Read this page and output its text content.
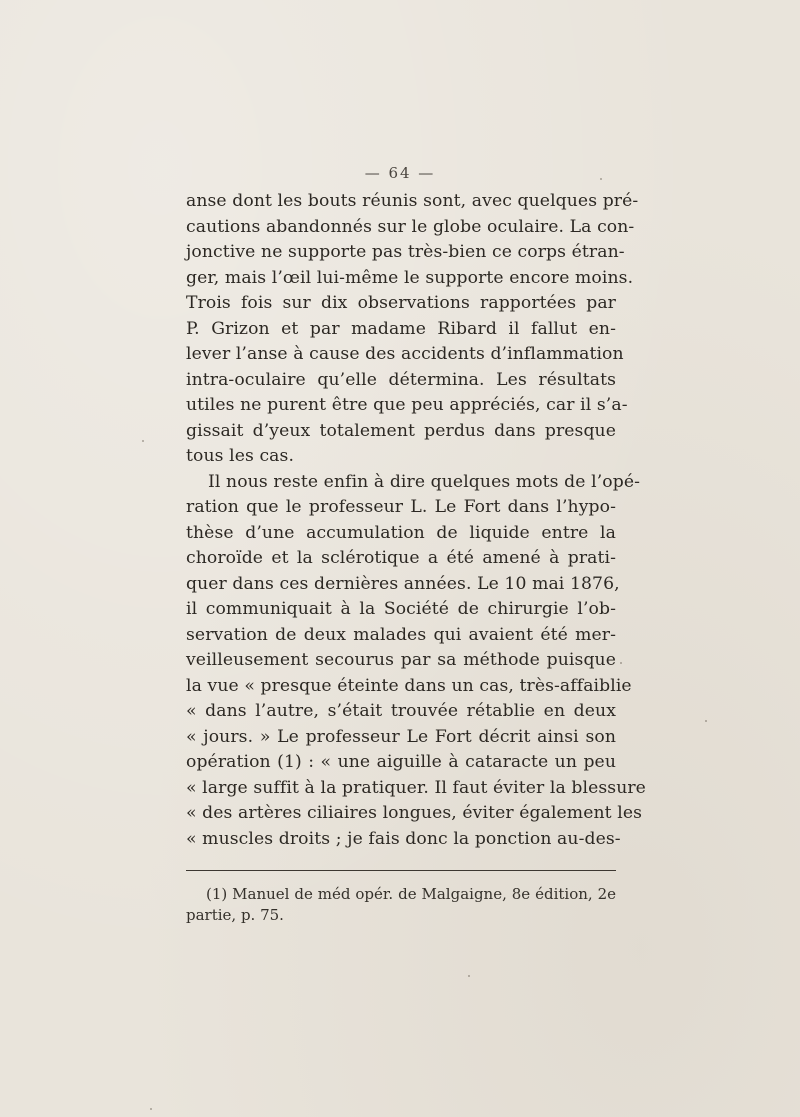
— 64 —
anse dont les bouts réunis sont, avec quelques pré-
cautions abandonnés sur le globe oculaire. La con-
jonctive ne supporte pas très-bien ce corps étran-
ger, mais l’œil lui-même le supporte encore moins.
Trois fois sur dix observations rapportées par
P. Grizon et par madame Ribard il fallut en-
lever l’anse à cause des accidents d’inflammation
intra-oculaire qu’elle détermina. Les résultats
utiles ne purent être que peu appréciés, car il s’a-
gissait d’yeux totalement perdus dans presque
tous les cas.
Il nous reste enfin à dire quelques mots de l’opé-
ration que le professeur L. Le Fort dans l’hypo-
thèse d’une accumulation de liquide entre la
choroïde et la sclérotique a été amené à prati-
quer dans ces dernières années. Le 10 mai 1876,
il communiquait à la Société de chirurgie l’ob-
servation de deux malades qui avaient été mer-
veilleusement secourus par sa méthode puisque
la vue « presque éteinte dans un cas, très-affaiblie
« dans l’autre, s’était trouvée rétablie en deux
« jours. » Le professeur Le Fort décrit ainsi son
opération (1) : « une aiguille à cataracte un peu
« large suffit à la pratiquer. Il faut éviter la blessure
« des artères ciliaires longues, éviter également les
« muscles droits ; je fais donc la ponction au-des-
(1) Manuel de méd opér. de Malgaigne, 8e édition, 2e
partie, p. 75.
